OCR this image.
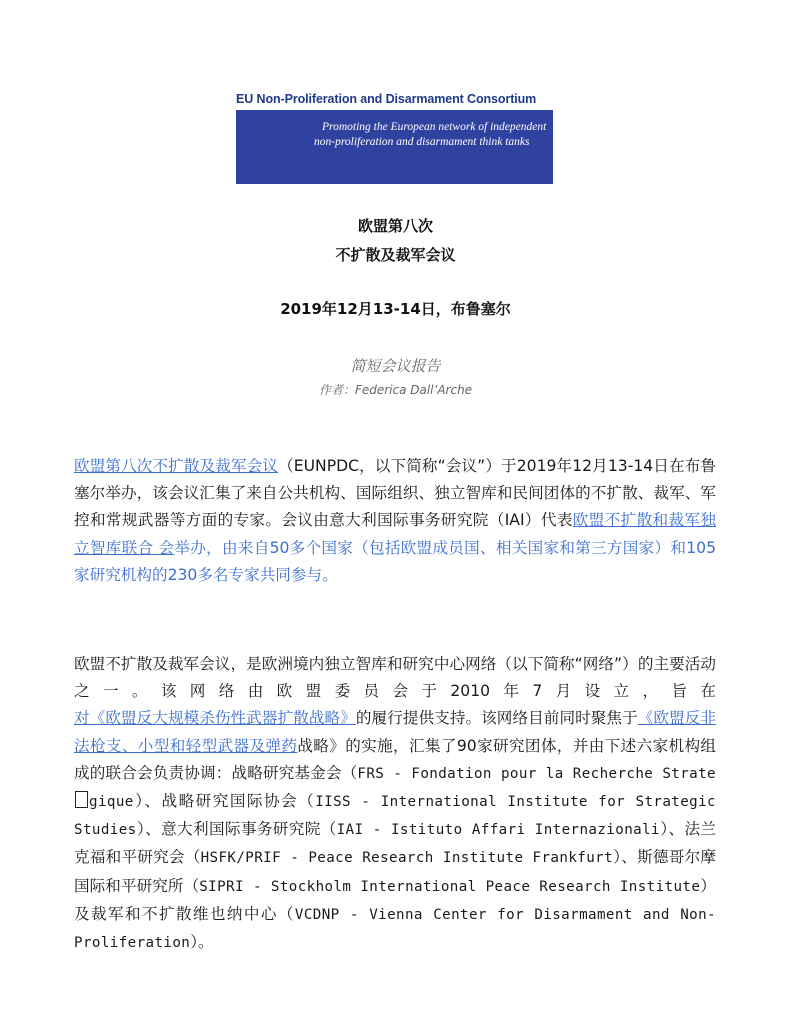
EU Non-Proliferation and Disarmament Consortium
Promoting the European network of independent
non-proliferation and disarmament think tanks
欧盟第八次
不扩散及裁军会议
2019年12月13-14日，布鲁塞尔
简短会议报告
作者：Federica Dall’Arche
欧盟第八次不扩散及裁军会议（EUNPDC，以下简称“会议”）于2019年12月13-14日在布鲁塞尔举办，该会议汇集了来自公共机构、国际组织、独立智库和民间团体的不扩散、裁军、军控和常规武器等方面的专家。会议由意大利国际事务研究院（IAI）代表欧盟不扩散和裁军独立智库联合 会举办，由来自50多个国家（包括欧盟成员国、相关国家和第三方国家）和105家研究机构的230多名专家共同参与。
欧盟不扩散及裁军会议，是欧洲境内独立智库和研究中心网络（以下简称“网络”）的主要活动之一。该网络由欧盟委员会于2010年7月设立，旨在对《欧盟反大规模杀伤性武器扩散战略》的履行提供支持。该网络目前同时聚焦于《欧盟反非法枪支、小型和轻型武器及弹药战略》的实施，汇集了90家研究团体，并由下述六家机构组成的联合会负责协调：战略研究基金会（FRS - Fondation pour la Recherche Strategique）、战略研究国际协会（IISS - International Institute for Strategic Studies）、意大利国际事务研究院（IAI - Istituto Affari Internazionali）、法兰克福和平研究会（HSFK/PRIF - Peace Research Institute Frankfurt）、斯德哥尔摩国际和平研究所（SIPRI - Stockholm International Peace Research Institute）及裁军和不扩散维也纳中心（VCDNP - Vienna Center for Disarmament and Non-Proliferation）。
